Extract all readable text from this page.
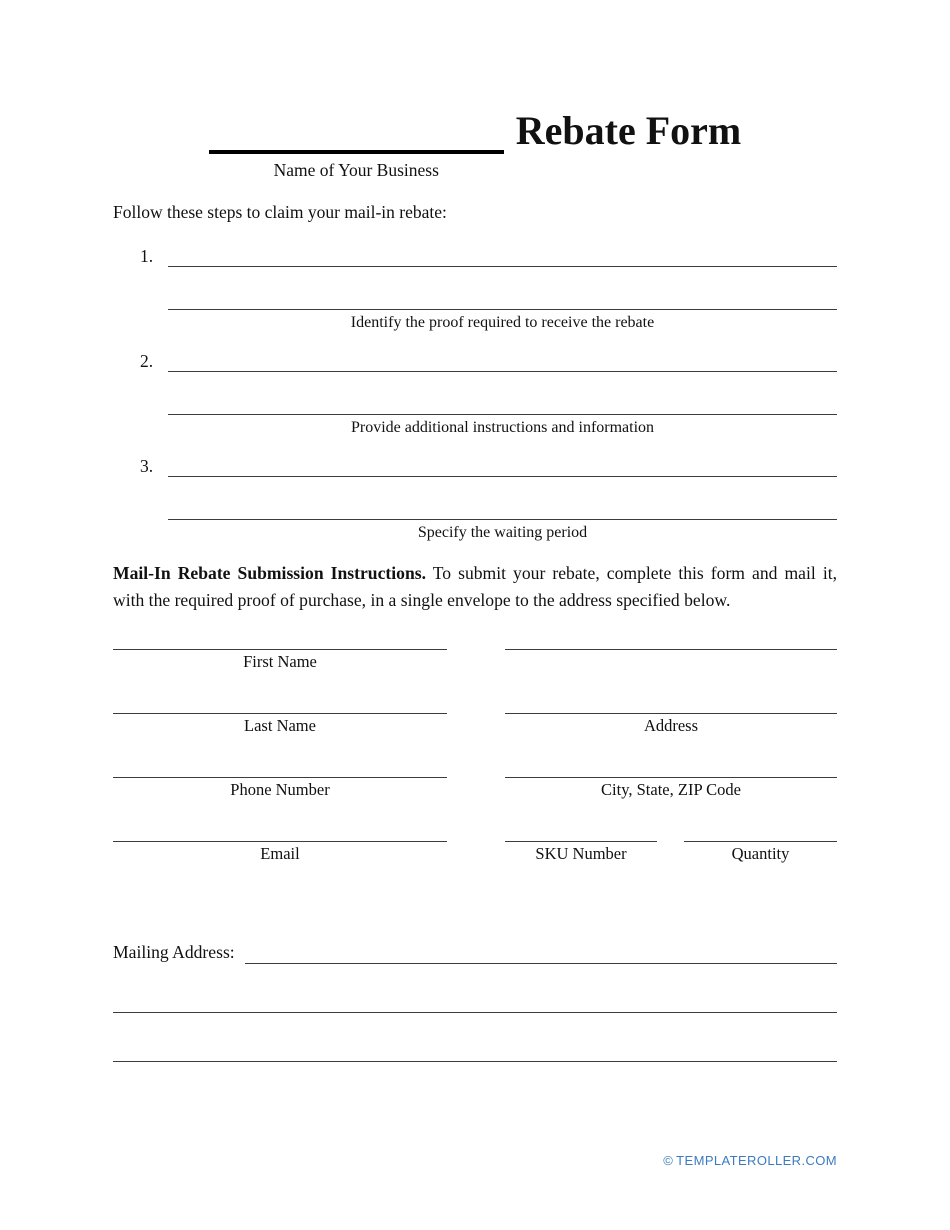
Name of Your Business
Rebate Form
Follow these steps to claim your mail-in rebate:
1.
Identify the proof required to receive the rebate
2.
Provide additional instructions and information
3.
Specify the waiting period
Mail-In Rebate Submission Instructions. To submit your rebate, complete this form and mail it, with the required proof of purchase, in a single envelope to the address specified below.
First Name
Last Name
Phone Number
Email
Address
City, State, ZIP Code
SKU Number	Quantity
Mailing Address:
© TEMPLATEROLLER.COM
